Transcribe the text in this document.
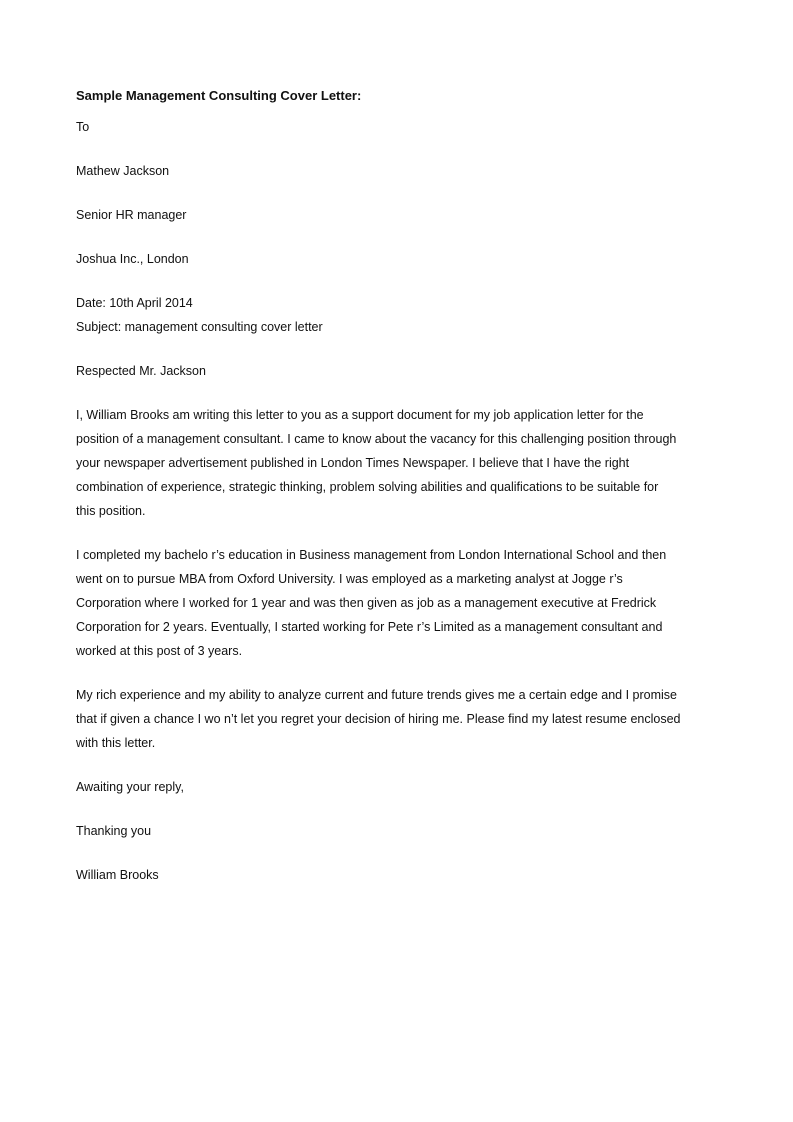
Sample Management Consulting Cover Letter:
To
Mathew Jackson
Senior HR manager
Joshua Inc., London
Date: 10th April 2014
Subject: management consulting cover letter
Respected Mr. Jackson
I, William Brooks am writing this letter to you as a support document for my job application letter for the
position of a management consultant. I came to know about the vacancy for this challenging position through
your newspaper advertisement published in London Times Newspaper. I believe that I have the right
combination of experience, strategic thinking, problem solving abilities and qualifications to be suitable for
this position.
I completed my bachelo r’s education in Business management from London International School and then
went on to pursue MBA from Oxford University. I was employed as a marketing analyst at Jogge r’s
Corporation where I worked for 1 year and was then given as job as a management executive at Fredrick
Corporation for 2 years. Eventually, I started working for Pete r’s Limited as a management consultant and
worked at this post of 3 years.
My rich experience and my ability to analyze current and future trends gives me a certain edge and I promise
that if given a chance I wo n’t let you regret your decision of hiring me. Please find my latest resume enclosed
with this letter.
Awaiting your reply,
Thanking you
William Brooks
